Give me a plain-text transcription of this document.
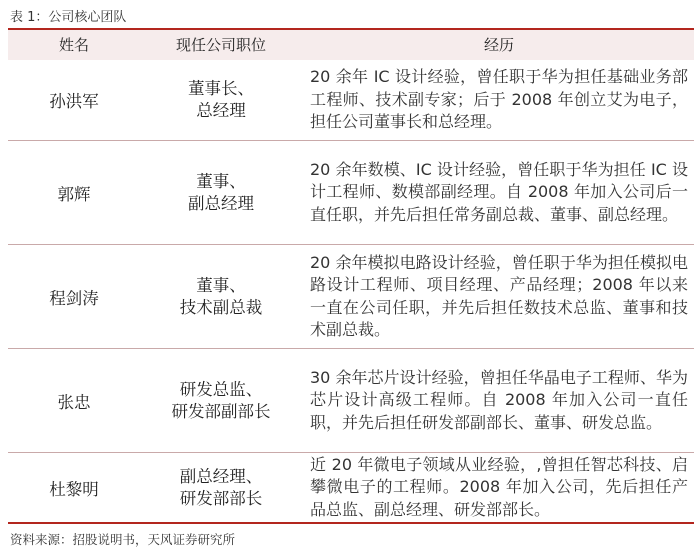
表 1：公司核心团队
姓名	现任公司职位	经历
孙洪军
董事长、
总经理
20 余年 IC 设计经验，曾任职于华为担任基础业务部工程师、技术副专家；后于 2008 年创立艾为电子，担任公司董事长和总经理。
郭辉
董事、
副总经理
20 余年数模、IC 设计经验，曾任职于华为担任 IC 设计工程师、数模部副经理。自 2008 年加入公司后一直任职，并先后担任常务副总裁、董事、副总经理。
程剑涛
董事、
技术副总裁
20 余年模拟电路设计经验，曾任职于华为担任模拟电路设计工程师、项目经理、产品经理；2008 年以来一直在公司任职，并先后担任数技术总监、董事和技术副总裁。
张忠
研发总监、
研发部副部长
30 余年芯片设计经验，曾担任华晶电子工程师、华为芯片设计高级工程师。自 2008 年加入公司一直任职，并先后担任研发部副部长、董事、研发总监。
杜黎明
副总经理、
研发部部长
近 20 年微电子领域从业经验，,曾担任智芯科技、启攀微电子的工程师。2008 年加入公司，先后担任产品总监、副总经理、研发部部长。
资料来源：招股说明书，天风证券研究所
